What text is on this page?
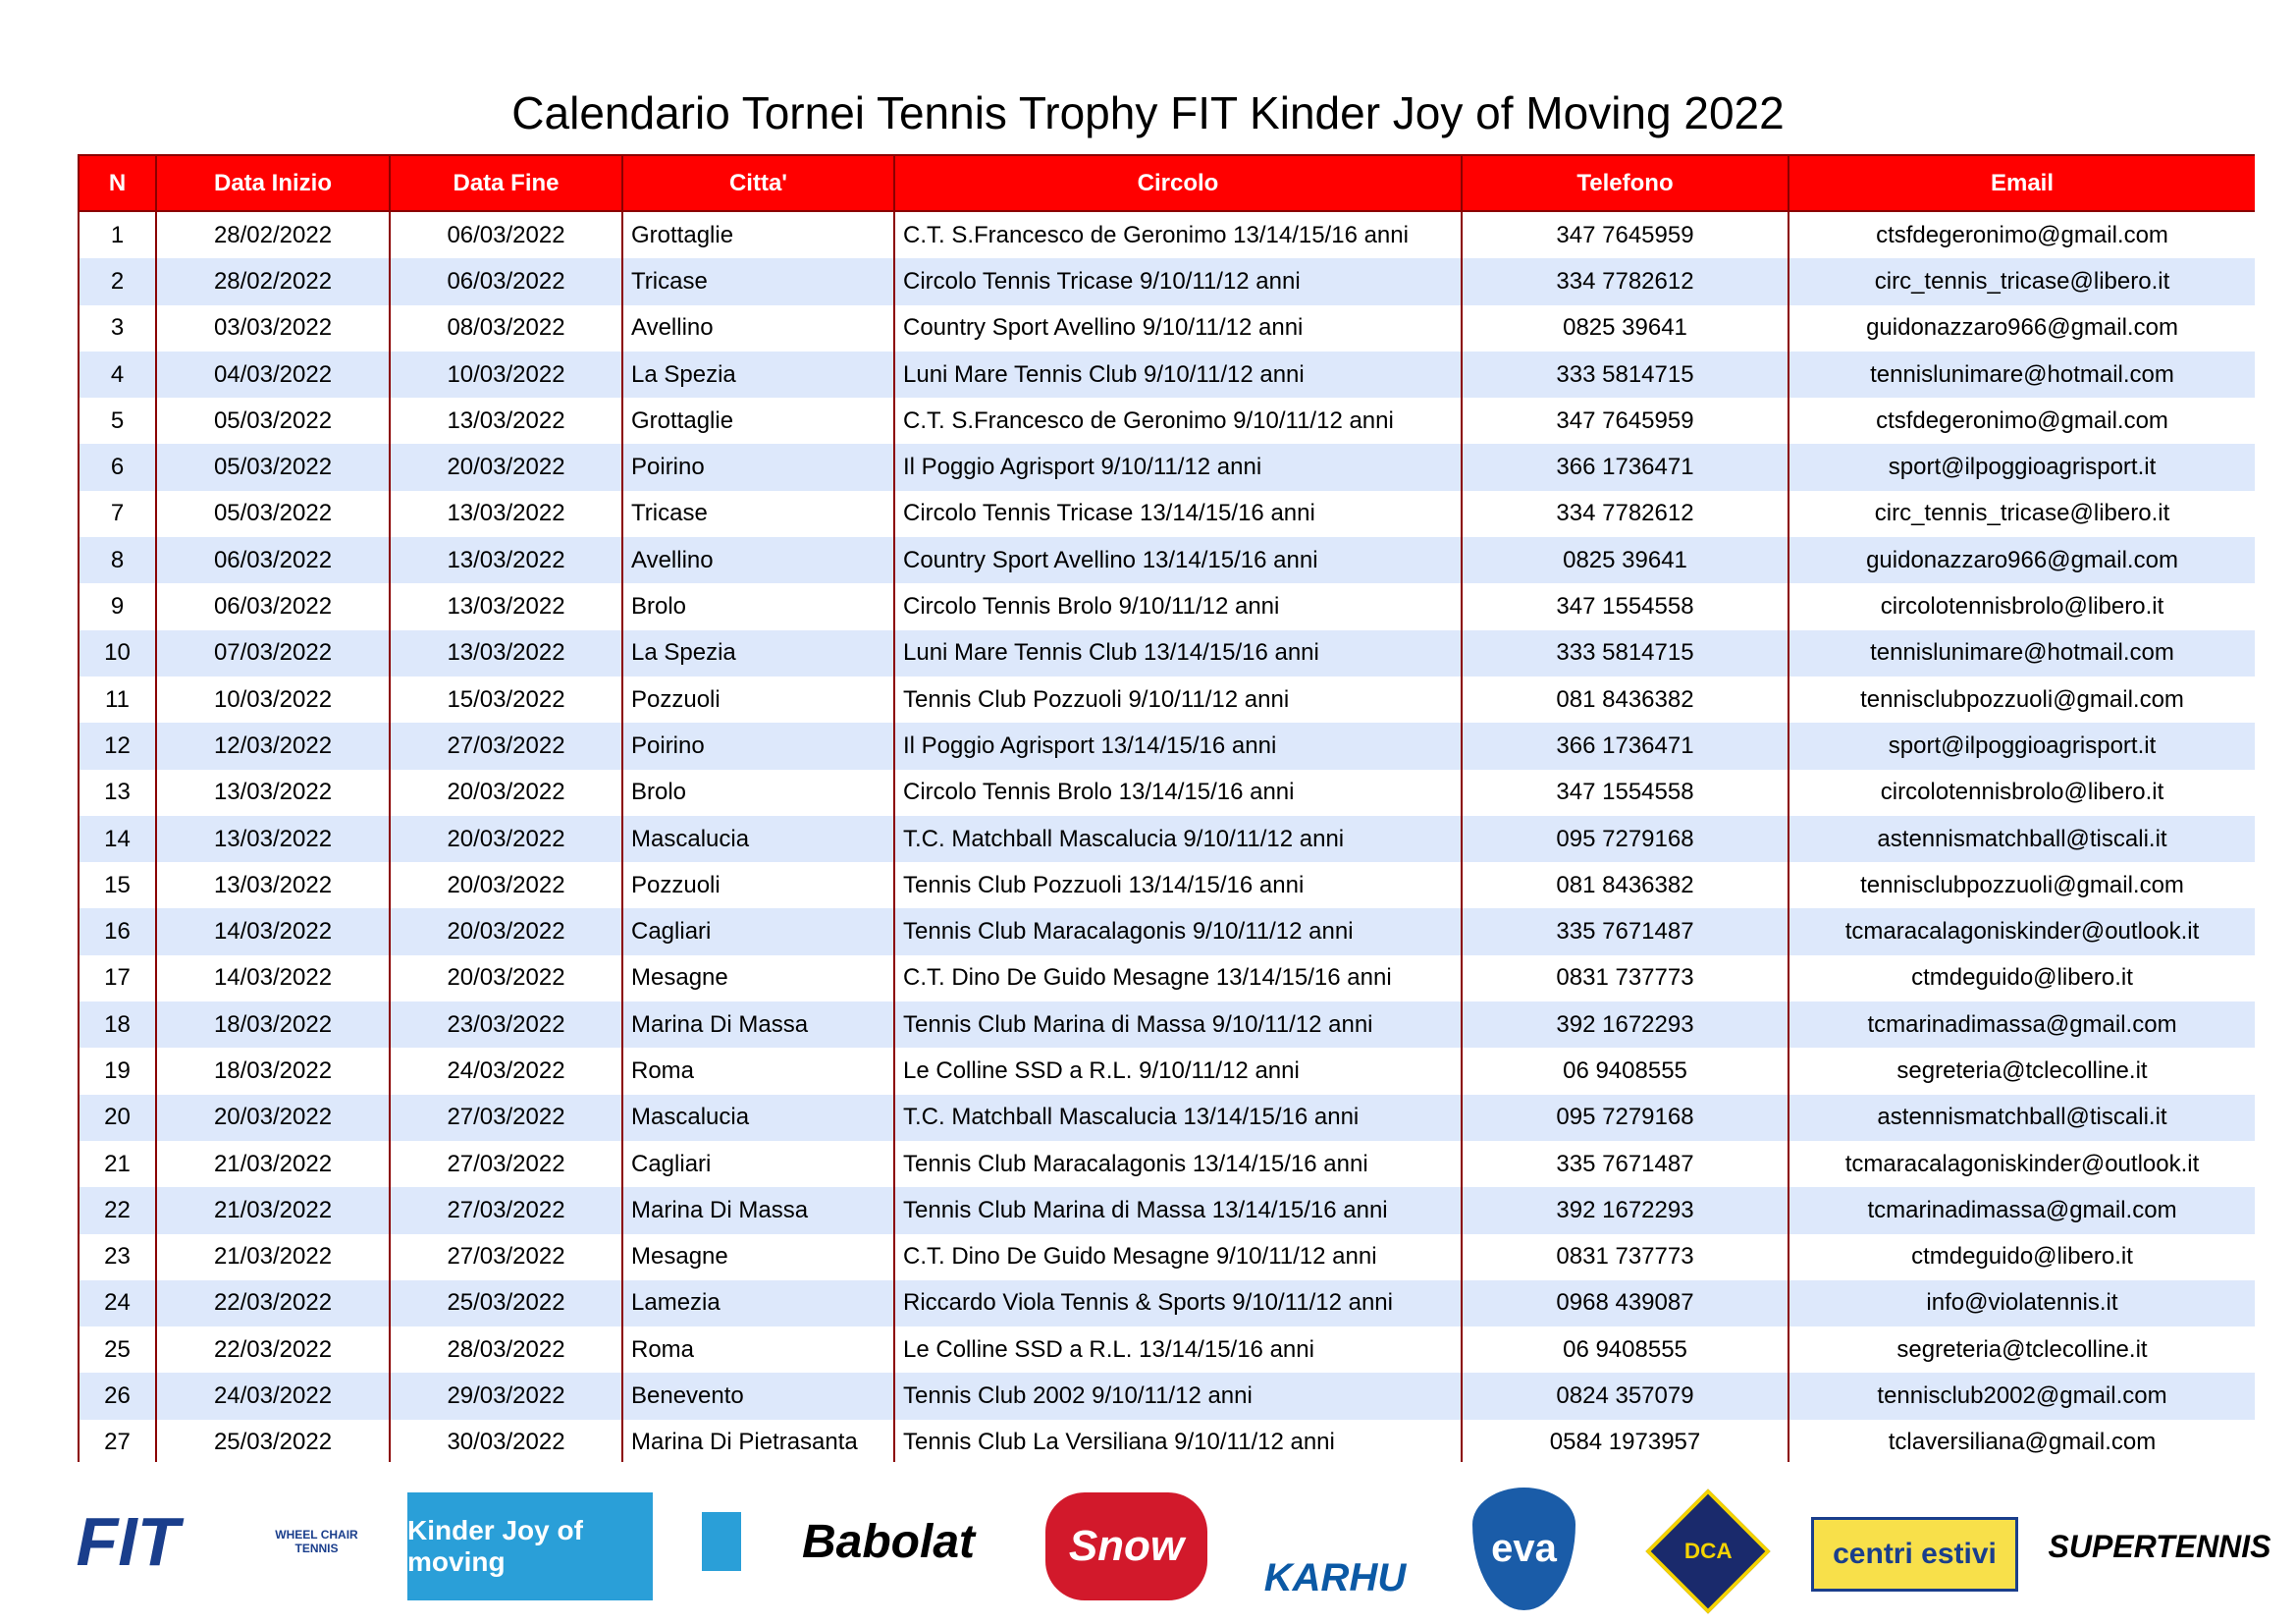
Calendario Tornei Tennis Trophy FIT Kinder Joy of Moving 2022
N	Data Inizio	Data Fine	Citta'	Circolo	Telefono	Email
1	28/02/2022	06/03/2022	Grottaglie	C.T. S.Francesco de Geronimo 13/14/15/16 anni	347 7645959	ctsfdegeronimo@gmail.com
2	28/02/2022	06/03/2022	Tricase	Circolo Tennis Tricase 9/10/11/12 anni	334 7782612	circ_tennis_tricase@libero.it
3	03/03/2022	08/03/2022	Avellino	Country Sport Avellino 9/10/11/12 anni	0825 39641	guidonazzaro966@gmail.com
4	04/03/2022	10/03/2022	La Spezia	Luni Mare Tennis Club 9/10/11/12 anni	333 5814715	tennislunimare@hotmail.com
5	05/03/2022	13/03/2022	Grottaglie	C.T. S.Francesco de Geronimo 9/10/11/12 anni	347 7645959	ctsfdegeronimo@gmail.com
6	05/03/2022	20/03/2022	Poirino	Il Poggio Agrisport 9/10/11/12 anni	366 1736471	sport@ilpoggioagrisport.it
7	05/03/2022	13/03/2022	Tricase	Circolo Tennis Tricase 13/14/15/16 anni	334 7782612	circ_tennis_tricase@libero.it
8	06/03/2022	13/03/2022	Avellino	Country Sport Avellino 13/14/15/16 anni	0825 39641	guidonazzaro966@gmail.com
9	06/03/2022	13/03/2022	Brolo	Circolo Tennis Brolo 9/10/11/12 anni	347 1554558	circolotennisbrolo@libero.it
10	07/03/2022	13/03/2022	La Spezia	Luni Mare Tennis Club 13/14/15/16 anni	333 5814715	tennislunimare@hotmail.com
11	10/03/2022	15/03/2022	Pozzuoli	Tennis Club Pozzuoli 9/10/11/12 anni	081 8436382	tennisclubpozzuoli@gmail.com
12	12/03/2022	27/03/2022	Poirino	Il Poggio Agrisport 13/14/15/16 anni	366 1736471	sport@ilpoggioagrisport.it
13	13/03/2022	20/03/2022	Brolo	Circolo Tennis Brolo 13/14/15/16 anni	347 1554558	circolotennisbrolo@libero.it
14	13/03/2022	20/03/2022	Mascalucia	T.C. Matchball Mascalucia 9/10/11/12 anni	095 7279168	astennismatchball@tiscali.it
15	13/03/2022	20/03/2022	Pozzuoli	Tennis Club Pozzuoli 13/14/15/16 anni	081 8436382	tennisclubpozzuoli@gmail.com
16	14/03/2022	20/03/2022	Cagliari	Tennis Club Maracalagonis 9/10/11/12 anni	335 7671487	tcmaracalagoniskinder@outlook.it
17	14/03/2022	20/03/2022	Mesagne	C.T. Dino De Guido Mesagne 13/14/15/16 anni	0831 737773	ctmdeguido@libero.it
18	18/03/2022	23/03/2022	Marina Di Massa	Tennis Club Marina di Massa 9/10/11/12 anni	392 1672293	tcmarinadimassa@gmail.com
19	18/03/2022	24/03/2022	Roma	Le Colline SSD a R.L. 9/10/11/12 anni	06 9408555	segreteria@tclecolline.it
20	20/03/2022	27/03/2022	Mascalucia	T.C. Matchball Mascalucia 13/14/15/16 anni	095 7279168	astennismatchball@tiscali.it
21	21/03/2022	27/03/2022	Cagliari	Tennis Club Maracalagonis 13/14/15/16 anni	335 7671487	tcmaracalagoniskinder@outlook.it
22	21/03/2022	27/03/2022	Marina Di Massa	Tennis Club Marina di Massa 13/14/15/16 anni	392 1672293	tcmarinadimassa@gmail.com
23	21/03/2022	27/03/2022	Mesagne	C.T. Dino De Guido Mesagne 9/10/11/12 anni	0831 737773	ctmdeguido@libero.it
24	22/03/2022	25/03/2022	Lamezia	Riccardo Viola Tennis & Sports 9/10/11/12 anni	0968 439087	info@violatennis.it
25	22/03/2022	28/03/2022	Roma	Le Colline SSD a R.L. 13/14/15/16 anni	06 9408555	segreteria@tclecolline.it
26	24/03/2022	29/03/2022	Benevento	Tennis Club 2002 9/10/11/12 anni	0824 357079	tennisclub2002@gmail.com
27	25/03/2022	30/03/2022	Marina Di Pietrasanta	Tennis Club La Versiliana 9/10/11/12 anni	0584 1973957	tclaversiliana@gmail.com
FIT	WHEEL CHAIR TENNIS
Kinder Joy of moving	Babolat	Snow
KARHU
eva	DCA	centri estivi	SUPERTENNIS
